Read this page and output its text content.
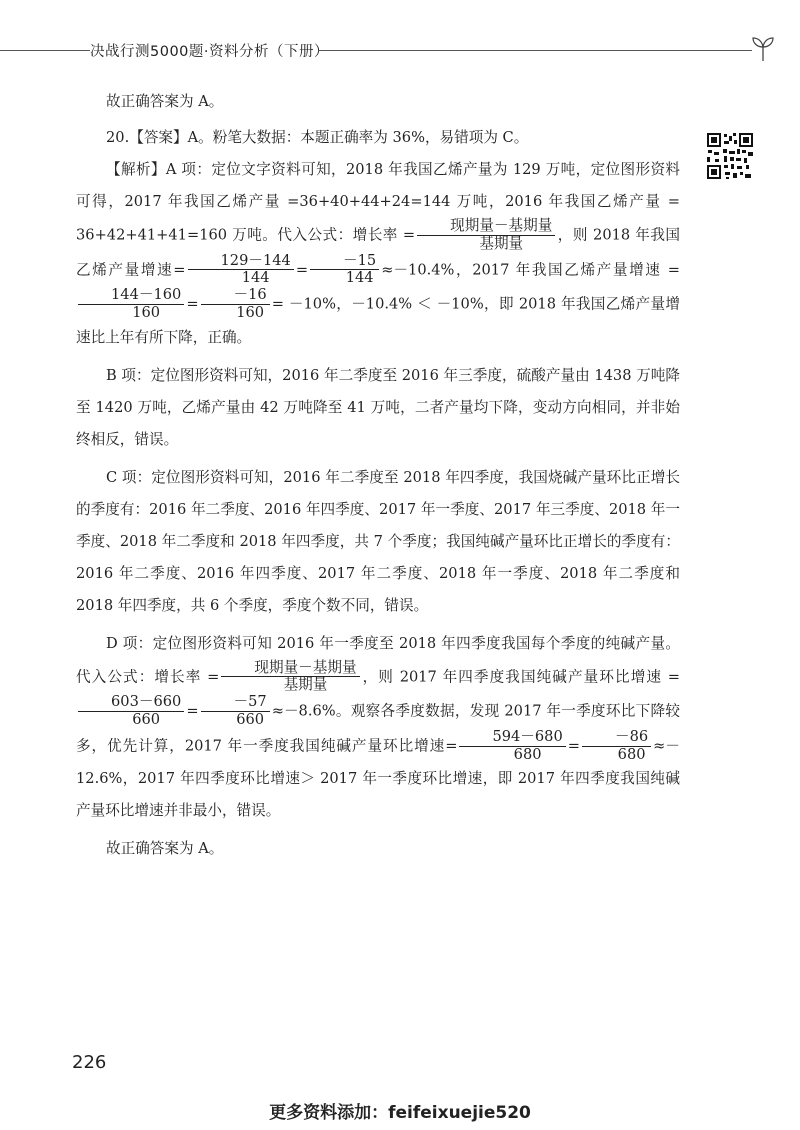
决战行测5000题·资料分析（下册）

故正确答案为 A。

20.【答案】A。粉笔大数据：本题正确率为 36%，易错项为 C。

【解析】A 项：定位文字资料可知，2018 年我国乙烯产量为 129 万吨，定位图形资料可得，2017 年我国乙烯产量 =36+40+44+24=144 万吨，2016 年我国乙烯产量 = 36+42+41+41=160 万吨。代入公式：增长率 = $\frac{\text{现期量－基期量}}{\text{基期量}}$ ，则 2018 年我国乙烯产量增速= $\frac{129-144}{144} = \frac{-15}{144} \approx-10.4\%$，2017 年我国乙烯产量增速 =
$\frac{144-160}{160} = \frac{-16}{160} = -10\%$，－10.4% ＜ －10%，即 2018 年我国乙烯产量增速比上年有所下降，正确。

B 项：定位图形资料可知，2016 年二季度至 2016 年三季度，硫酸产量由 1438 万吨降至 1420 万吨，乙烯产量由 42 万吨降至 41 万吨，二者产量均下降，变动方向相同，并非始终相反，错误。

C 项：定位图形资料可知，2016 年二季度至 2018 年四季度，我国烧碱产量环比正增长的季度有：2016 年二季度、2016 年四季度、2017 年一季度、2017 年三季度、2018 年一季度、2018 年二季度和 2018 年四季度，共 7 个季度；我国纯碱产量环比正增长的季度有：2016 年二季度、2016 年四季度、2017 年二季度、2018 年一季度、2018 年二季度和 2018 年四季度，共 6 个季度，季度个数不同，错误。

D 项：定位图形资料可知 2016 年一季度至 2018 年四季度我国每个季度的纯碱产量。代入公式：增长率 = $\frac{\text{现期量－基期量}}{\text{基期量}}$ ，则 2017 年四季度我国纯碱产量环比增速 =
$\frac{603-660}{660} = \frac{-57}{660} \approx-8.6\%$。观察各季度数据，发现 2017 年一季度环比下降较多，优先计算，2017 年一季度我国纯碱产量环比增速= $\frac{594-680}{680} = \frac{-86}{680} \approx-12.6\%$，2017 年四季度环比增速＞ 2017 年一季度环比增速，即 2017 年四季度我国纯碱产量环比增速并非最小，错误。

故正确答案为 A。

226
更多资料添加：feifeixuejie520
